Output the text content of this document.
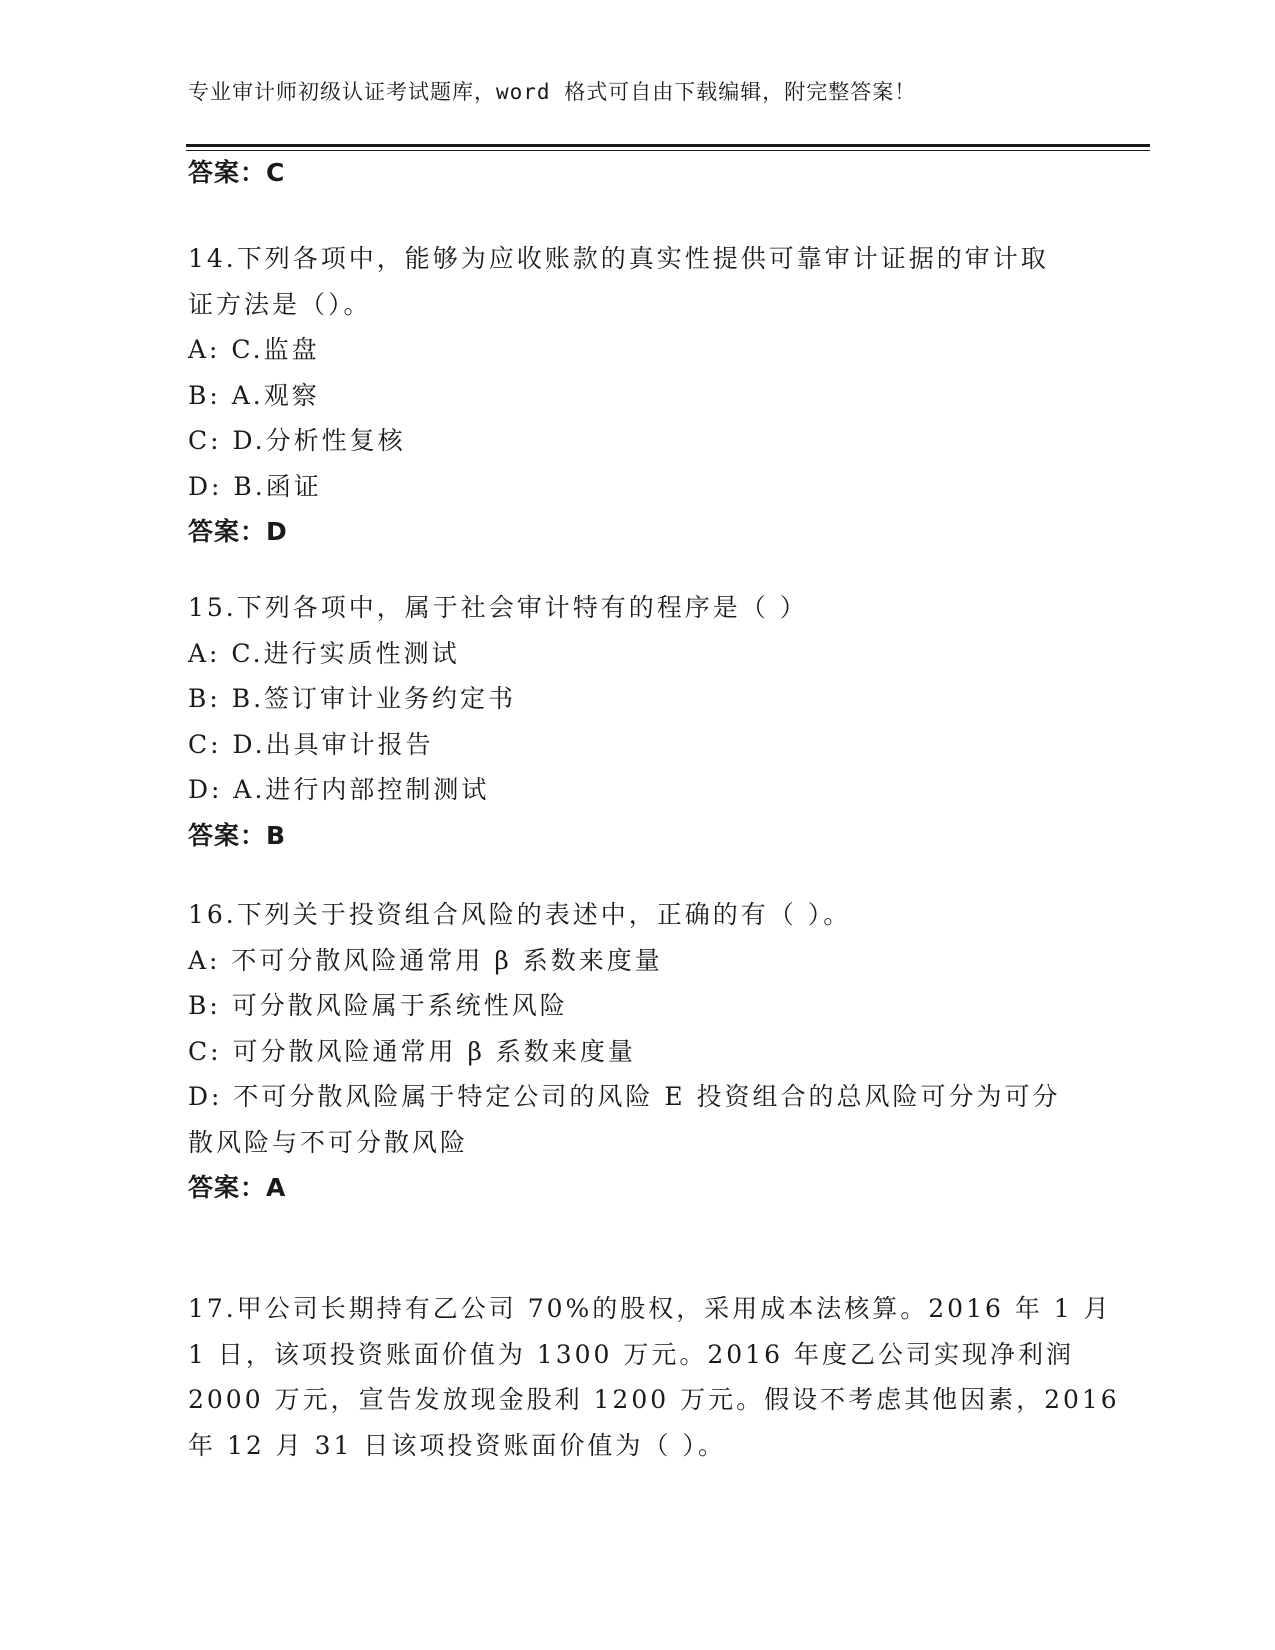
专业审计师初级认证考试题库，word 格式可自由下载编辑，附完整答案！
答案：C
14.下列各项中，能够为应收账款的真实性提供可靠审计证据的审计取
证方法是（）。
A: C.监盘
B: A.观察
C: D.分析性复核
D: B.函证
答案：D
15.下列各项中，属于社会审计特有的程序是（ ）
A: C.进行实质性测试
B: B.签订审计业务约定书
C: D.出具审计报告
D: A.进行内部控制测试
答案：B
16.下列关于投资组合风险的表述中，正确的有（ ）。
A: 不可分散风险通常用 β 系数来度量
B: 可分散风险属于系统性风险
C: 可分散风险通常用 β 系数来度量
D: 不可分散风险属于特定公司的风险 E 投资组合的总风险可分为可分
散风险与不可分散风险
答案：A
17.甲公司长期持有乙公司 70%的股权，采用成本法核算。2016 年 1 月
1 日，该项投资账面价值为 1300 万元。2016 年度乙公司实现净利润
2000 万元，宣告发放现金股利 1200 万元。假设不考虑其他因素，2016
年 12 月 31 日该项投资账面价值为（ ）。
